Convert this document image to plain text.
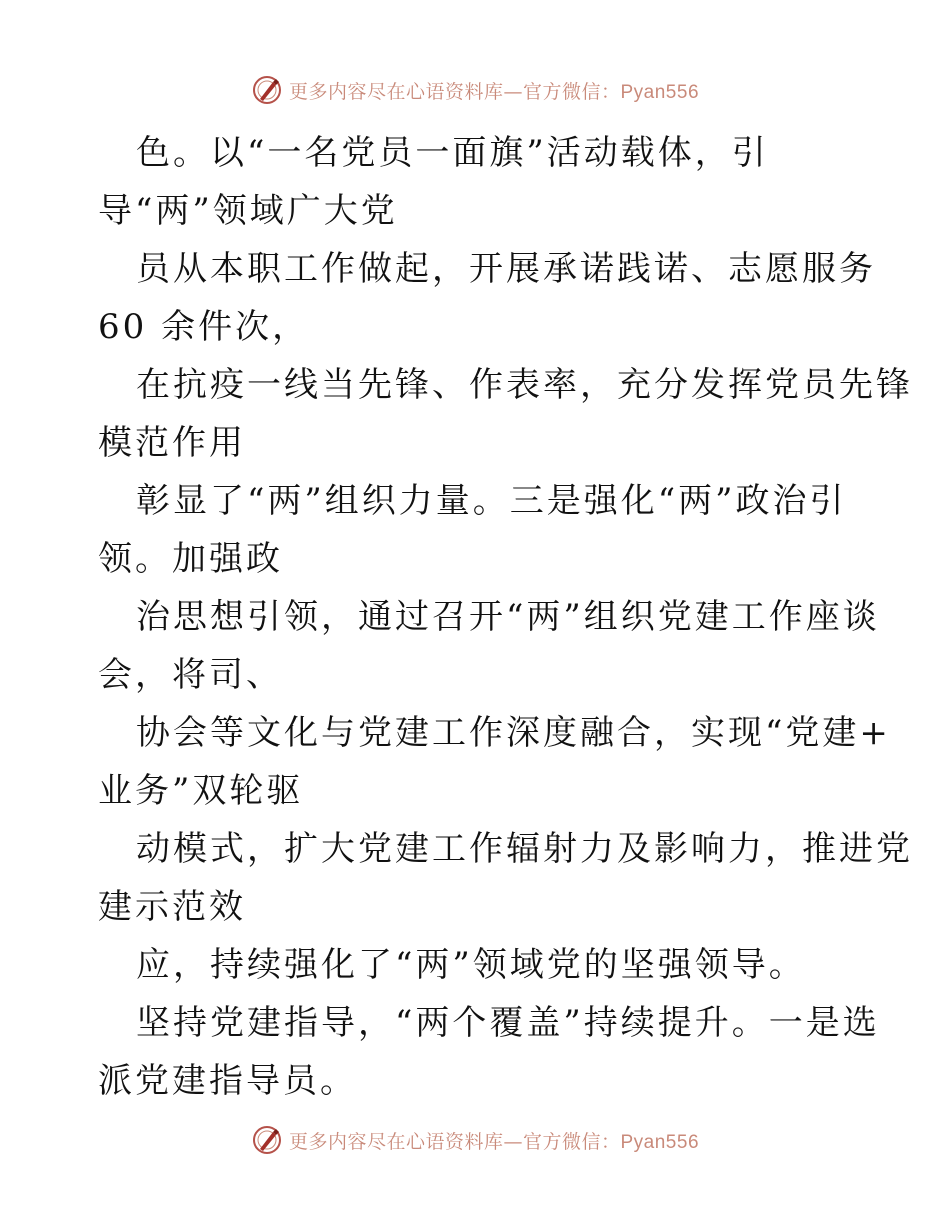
更多内容尽在心语资料库—官方微信：Pyan556
色。以“一名党员一面旗”活动载体，引
导“两”领域广大党
员从本职工作做起，开展承诺践诺、志愿服务
60 余件次，
在抗疫一线当先锋、作表率，充分发挥党员先锋
模范作用
彰显了“两”组织力量。三是强化“两”政治引
领。加强政
治思想引领，通过召开“两”组织党建工作座谈
会，将司、
协会等文化与党建工作深度融合，实现“党建+
业务”双轮驱
动模式，扩大党建工作辐射力及影响力，推进党
建示范效
应，持续强化了“两”领域党的坚强领导。
坚持党建指导，“两个覆盖”持续提升。一是选
派党建指导员。
更多内容尽在心语资料库—官方微信：Pyan556
